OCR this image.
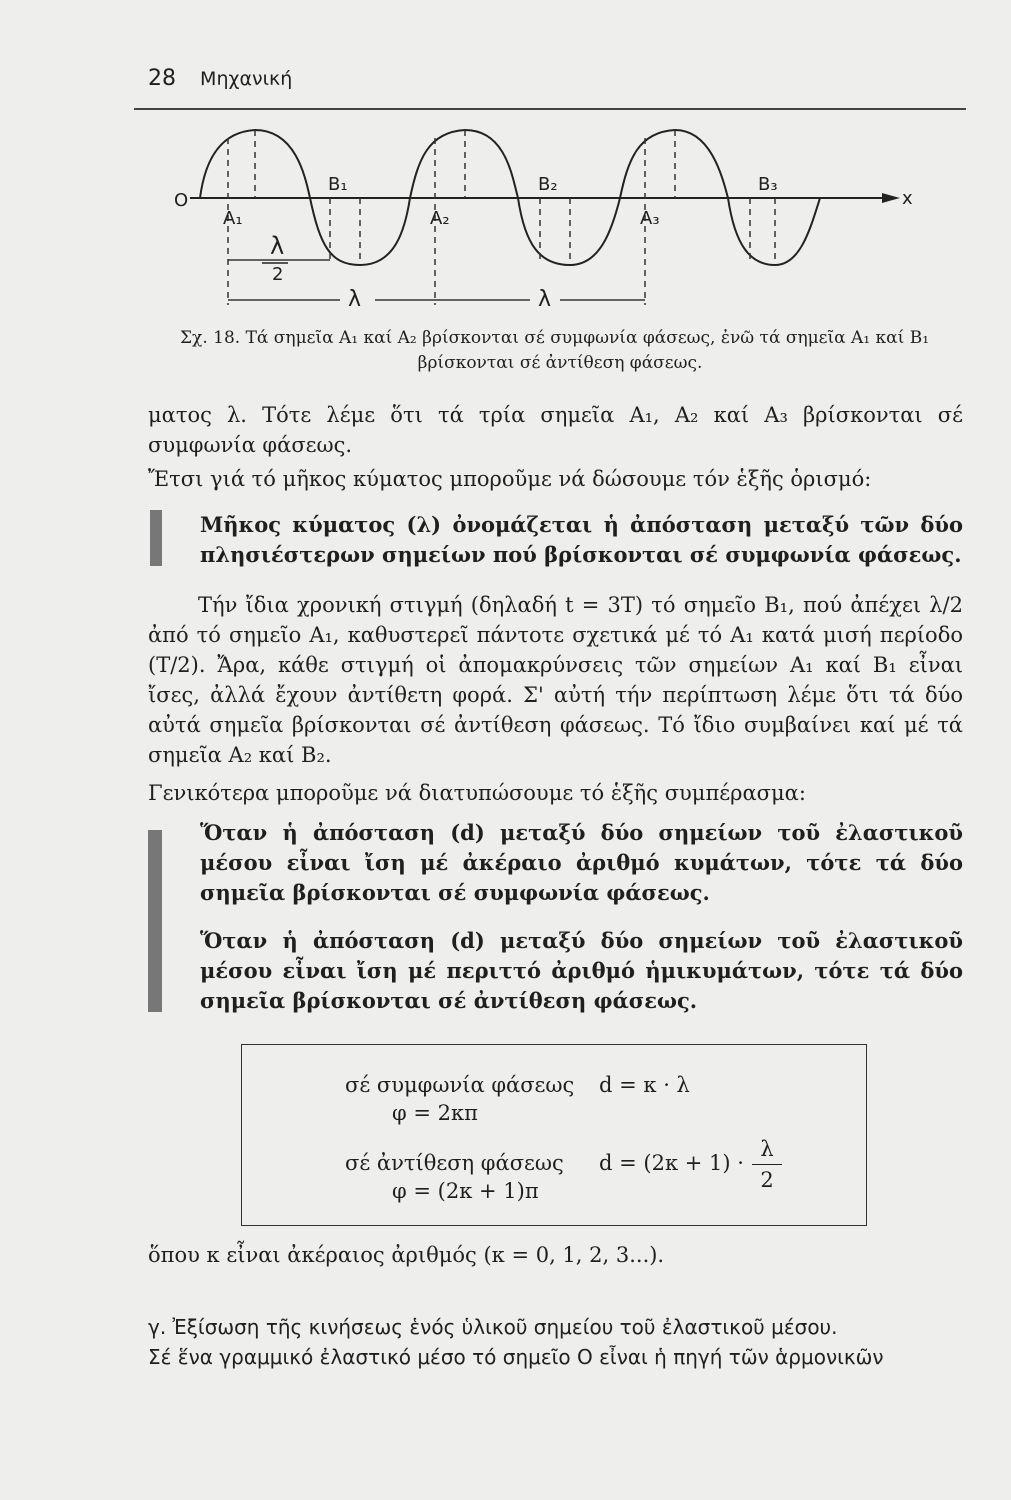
28 Μηχανική
O	x
A₁	A₂	A₃
B₁	B₂	B₃
λ
2
λ	λ
Σχ. 18. Τά σημεῖα A₁ καί A₂ βρίσκονται σέ συμφωνία φάσεως, ἐνῶ τά σημεῖα A₁ καί B₁
βρίσκονται σέ ἀντίθεση φάσεως.
ματος λ. Τότε λέμε ὅτι τά τρία σημεῖα A₁, A₂ καί A₃ βρίσκονται σέ συμφωνία φάσεως.
Ἔτσι γιά τό μῆκος κύματος μποροῦμε νά δώσουμε τόν ἑξῆς ὁρισμό:
Μῆκος κύματος (λ) ὀνομάζεται ἡ ἀπόσταση μεταξύ τῶν δύο πλησιέστερων σημείων πού βρίσκονται σέ συμφωνία φάσεως.
Τήν ἴδια χρονική στιγμή (δηλαδή t = 3T) τό σημεῖο B₁, πού ἀπέχει λ/2 ἀπό τό σημεῖο A₁, καθυστερεῖ πάντοτε σχετικά μέ τό A₁ κατά μισή περίοδο (T/2). Ἄρα, κάθε στιγμή οἱ ἀπομακρύνσεις τῶν σημείων A₁ καί B₁ εἶναι ἴσες, ἀλλά ἔχουν ἀντίθετη φορά. Σ' αὐτή τήν περίπτωση λέμε ὅτι τά δύο αὐτά σημεῖα βρίσκονται σέ ἀντίθεση φάσεως. Τό ἴδιο συμβαίνει καί μέ τά σημεῖα A₂ καί B₂.
Γενικότερα μποροῦμε νά διατυπώσουμε τό ἑξῆς συμπέρασμα:
Ὅταν ἡ ἀπόσταση (d) μεταξύ δύο σημείων τοῦ ἐλαστικοῦ μέσου εἶναι ἴση μέ ἀκέραιο ἀριθμό κυμάτων, τότε τά δύο σημεῖα βρίσκονται σέ συμφωνία φάσεως.
Ὅταν ἡ ἀπόσταση (d) μεταξύ δύο σημείων τοῦ ἐλαστικοῦ μέσου εἶναι ἴση μέ περιττό ἀριθμό ἡμικυμάτων, τότε τά δύο σημεῖα βρίσκονται σέ ἀντίθεση φάσεως.
σέ συμφωνία φάσεως d = κ · λ
φ = 2κπ
σέ ἀντίθεση φάσεως d = (2κ + 1) ·
λ
2
φ = (2κ + 1)π
ὅπου κ εἶναι ἀκέραιος ἀριθμός (κ = 0, 1, 2, 3...).
γ. Ἐξίσωση τῆς κινήσεως ἑνός ὑλικοῦ σημείου τοῦ ἐλαστικοῦ μέσου.
Σέ ἕνα γραμμικό ἐλαστικό μέσο τό σημεῖο O εἶναι ἡ πηγή τῶν ἁρμονικῶν
